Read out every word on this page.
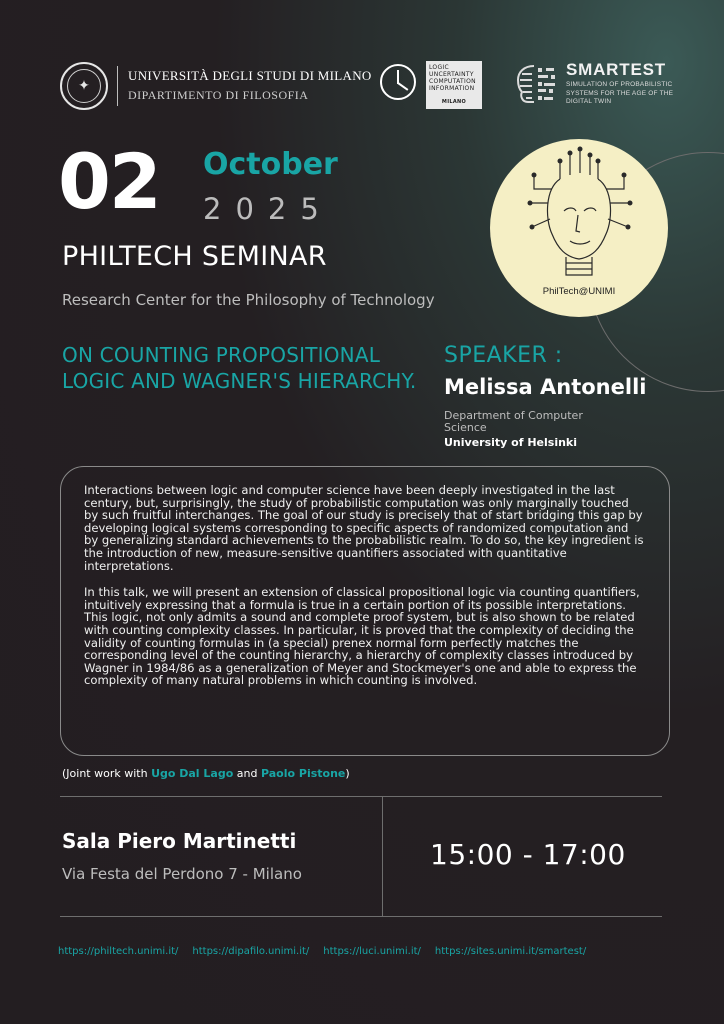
✦
UNIVERSITÀ DEGLI STUDI DI MILANO
DIPARTIMENTO DI FILOSOFIA
LOGIC
UNCERTAINTY
COMPUTATION
INFORMATION
MILANO
SMARTEST
SIMULATION OF PROBABILISTIC SYSTEMS FOR THE AGE OF THE DIGITAL TWIN
02 October
2025
PHILTECH SEMINAR
Research Center for the Philosophy of Technology	PhilTech@UNIMI
ON COUNTING PROPOSITIONAL LOGIC AND WAGNER'S HIERARCHY.
SPEAKER :
Melissa Antonelli
Department of Computer Science
University of Helsinki

Interactions between logic and computer science have been deeply investigated in the last century, but, surprisingly, the study of probabilistic computation was only marginally touched by such fruitful interchanges. The goal of our study is precisely that of start bridging this gap by developing logical systems corresponding to specific aspects of randomized computation and by generalizing standard achievements to the probabilistic realm. To do so, the key ingredient is the introduction of new, measure-sensitive quantifiers associated with quantitative interpretations.

In this talk, we will present an extension of classical propositional logic via counting quantifiers, intuitively expressing that a formula is true in a certain portion of its possible interpretations. This logic, not only admits a sound and complete proof system, but is also shown to be related with counting complexity classes. In particular, it is proved that the complexity of deciding the validity of counting formulas in (a special) prenex normal form perfectly matches the corresponding level of the counting hierarchy, a hierarchy of complexity classes introduced by Wagner in 1984/86 as a generalization of Meyer and Stockmeyer's one and able to express the complexity of many natural problems in which counting is involved.

(Joint work with Ugo Dal Lago and Paolo Pistone)
Sala Piero Martinetti
Via Festa del Perdono 7 - Milano
15:00 - 17:00
https://philtech.unimi.it/ https://dipafilo.unimi.it/ https://luci.unimi.it/ https://sites.unimi.it/smartest/
